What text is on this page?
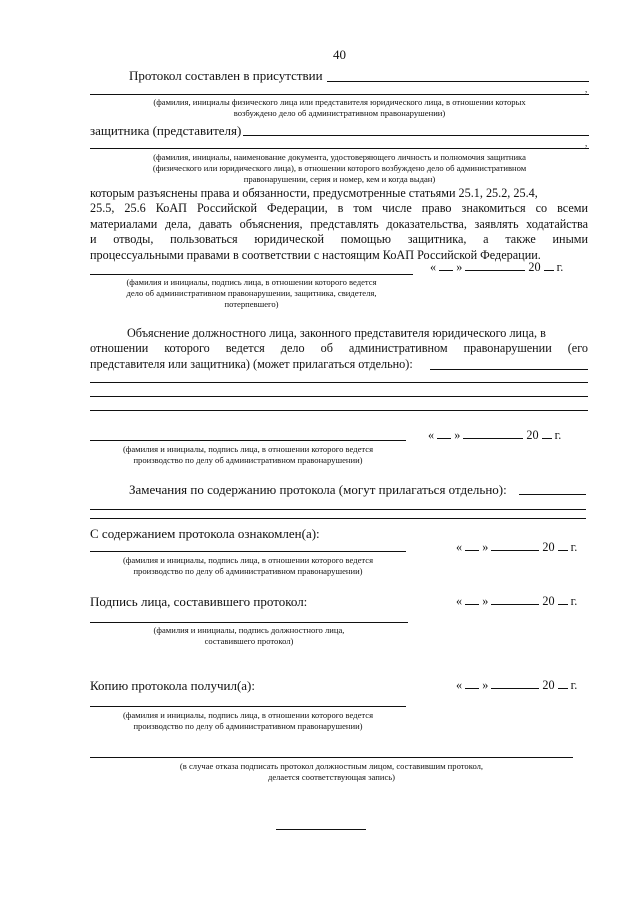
40
Протокол составлен в присутствии
,
(фамилия, инициалы физического лица или представителя юридического лица, в отношении которых
возбуждено дело об административном правонарушении)
защитника (представителя)
,
(фамилия, инициалы, наименование документа, удостоверяющего личность и полномочия защитника
(физического или юридического лица), в отношении которого возбуждено дело об административном
правонарушении, серия и номер, кем и когда выдан)
которым разъяснены права и обязанности, предусмотренные статьями 25.1, 25.2, 25.4,
25.5, 25.6 КоАП Российской Федерации, в том числе право знакомиться со всеми
материалами дела, давать объяснения, представлять доказательства, заявлять ходатайства
и отводы, пользоваться юридической помощью защитника, а также иными
процессуальными правами в соответствии с настоящим КоАП Российской Федерации.
« »	20 г.
(фамилия и инициалы, подпись лица, в отношении которого ведется
дело об административном правонарушении, защитника, свидетеля,
потерпевшего)
Объяснение должностного лица, законного представителя юридического лица, в
отношении которого ведется дело об административном правонарушении (его
представителя или защитника) (может прилагаться отдельно):
« »	20 г.
(фамилия и инициалы, подпись лица, в отношении которого ведется
производство по делу об административном правонарушении)
Замечания по содержанию протокола (могут прилагаться отдельно):
С содержанием протокола ознакомлен(а):
« »	20 г.
(фамилия и инициалы, подпись лица, в отношении которого ведется
производство по делу об административном правонарушении)
Подпись лица, составившего протокол:	« »	20 г.
(фамилия и инициалы, подпись должностного лица,
составившего протокол)
Копию протокола получил(а):	« »	20 г.
(фамилия и инициалы, подпись лица, в отношении которого ведется
производство по делу об административном правонарушении)
(в случае отказа подписать протокол должностным лицом, составившим протокол,
делается соответствующая запись)
